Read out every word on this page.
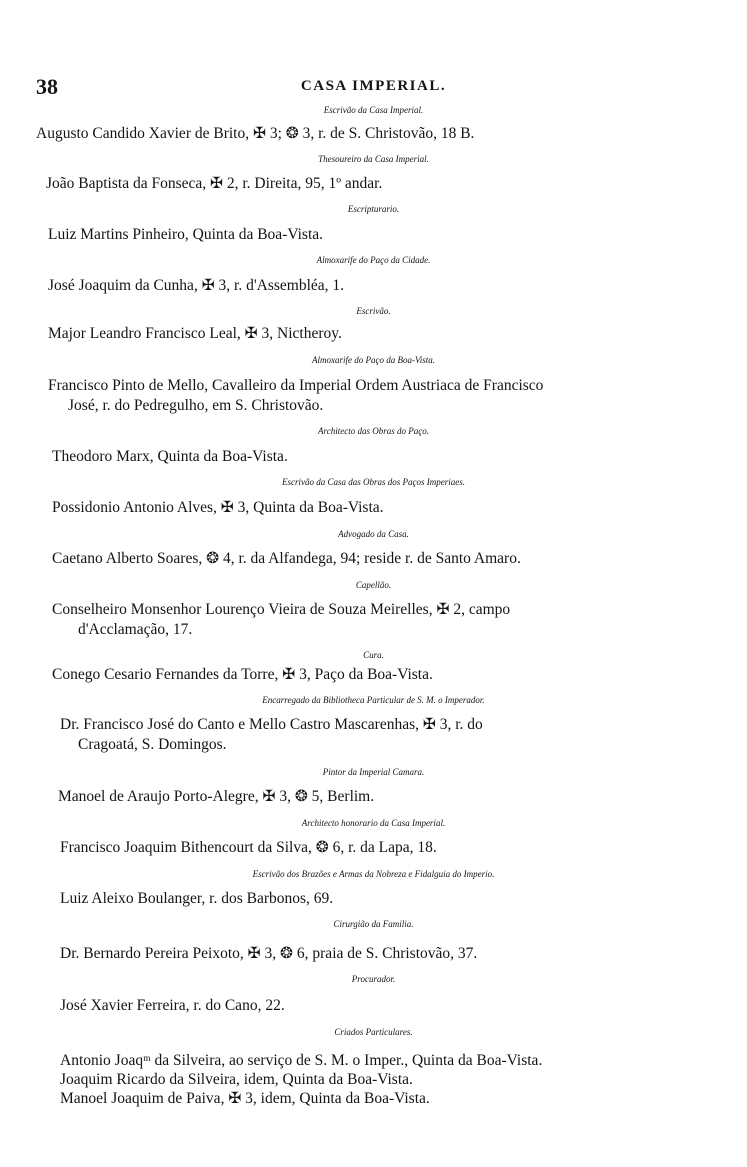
38	CASA IMPERIAL.
Escrivão da Casa Imperial.
Augusto Candido Xavier de Brito, ✠ 3; ❂ 3, r. de S. Christovão, 18 B.
Thesoureiro da Casa Imperial.
João Baptista da Fonseca, ✠ 2, r. Direita, 95, 1º andar.
Escripturario.
Luiz Martins Pinheiro, Quinta da Boa-Vista.
Almoxarife do Paço da Cidade.
José Joaquim da Cunha, ✠ 3, r. d'Assembléa, 1.
Escrivão.
Major Leandro Francisco Leal, ✠ 3, Nictheroy.
Almoxarife do Paço da Boa-Vista.
Francisco Pinto de Mello, Cavalleiro da Imperial Ordem Austriaca de Francisco
José, r. do Pedregulho, em S. Christovão.
Architecto das Obras do Paço.
Theodoro Marx, Quinta da Boa-Vista.
Escrivão da Casa das Obras dos Paços Imperiaes.
Possidonio Antonio Alves, ✠ 3, Quinta da Boa-Vista.
Advogado da Casa.
Caetano Alberto Soares, ❂ 4, r. da Alfandega, 94; reside r. de Santo Amaro.
Capellão.
Conselheiro Monsenhor Lourenço Vieira de Souza Meirelles, ✠ 2, campo
d'Acclamação, 17.
Cura.
Conego Cesario Fernandes da Torre, ✠ 3, Paço da Boa-Vista.
Encarregado da Bibliotheca Particular de S. M. o Imperador.
Dr. Francisco José do Canto e Mello Castro Mascarenhas, ✠ 3, r. do
Cragoatá, S. Domingos.
Pintor da Imperial Camara.
Manoel de Araujo Porto-Alegre, ✠ 3, ❂ 5, Berlim.
Architecto honorario da Casa Imperial.
Francisco Joaquim Bithencourt da Silva, ❂ 6, r. da Lapa, 18.
Escrivão dos Brazões e Armas da Nobreza e Fidalguia do Imperio.
Luiz Aleixo Boulanger, r. dos Barbonos, 69.
Cirurgião da Familia.
Dr. Bernardo Pereira Peixoto, ✠ 3, ❂ 6, praia de S. Christovão, 37.
Procurador.
José Xavier Ferreira, r. do Cano, 22.
Criados Particulares.
Antonio Joaqᵐ da Silveira, ao serviço de S. M. o Imper., Quinta da Boa-Vista.
Joaquim Ricardo da Silveira, idem, Quinta da Boa-Vista.
Manoel Joaquim de Paiva, ✠ 3, idem, Quinta da Boa-Vista.
